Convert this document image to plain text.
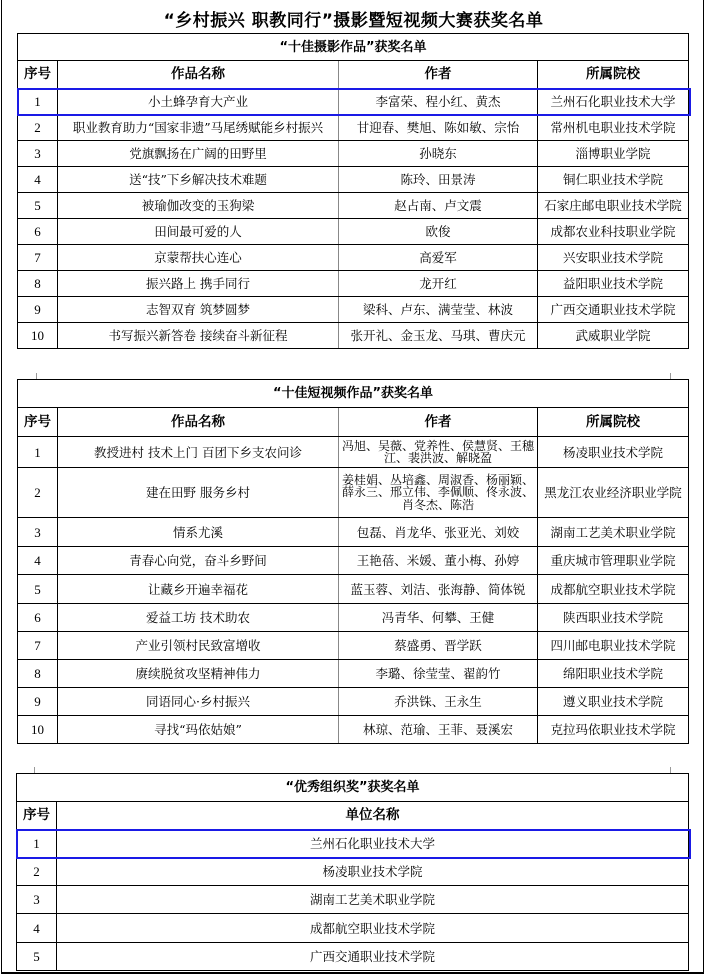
“乡村振兴 职教同行”摄影暨短视频大赛获奖名单
“十佳摄影作品”获奖名单			
序号	作品名称	作者	所属院校
1	小土蜂孕育大产业	李富荣、程小红、黄杰	兰州石化职业技术大学
2	职业教育助力“国家非遗”马尾绣赋能乡村振兴	甘迎春、樊旭、陈如敏、宗怡	常州机电职业技术学院
3	党旗飘扬在广阔的田野里	孙晓东	淄博职业学院
4	送“技”下乡解决技术难题	陈玲、田景涛	铜仁职业技术学院
5	被瑜伽改变的玉狗梁	赵占南、卢文震	石家庄邮电职业技术学院
6	田间最可爱的人	欧俊	成都农业科技职业学院
7	京蒙帮扶心连心	高爱军	兴安职业技术学院
8	振兴路上 携手同行	龙开红	益阳职业技术学院
9	志智双育 筑梦圆梦	梁科、卢东、满莹莹、林波	广西交通职业技术学院
10	书写振兴新答卷 接续奋斗新征程	张开礼、金玉龙、马琪、曹庆元	武威职业学院
“十佳短视频作品”获奖名单			
序号	作品名称	作者	所属院校
1	教授进村 技术上门 百团下乡支农问诊	冯旭、吴薇、党养性、侯慧贤、王穗江、裴洪波、解晓盈	杨凌职业技术学院
2	建在田野 服务乡村	姜桂娟、丛培鑫、周淑香、杨丽颖、薛永三、邢立伟、李佩顺、佟永波、肖冬杰、陈浩	黑龙江农业经济职业学院
3	情系尤溪	包磊、肖龙华、张亚光、刘姣	湖南工艺美术职业学院
4	青春心向党，奋斗乡野间	王艳蓓、米媛、董小梅、孙婷	重庆城市管理职业学院
5	让藏乡开遍幸福花	蓝玉蓉、刘洁、张海静、简体锐	成都航空职业技术学院
6	爱益工坊 技术助农	冯青华、何攀、王健	陕西职业技术学院
7	产业引领村民致富增收	蔡盛勇、晋学跃	四川邮电职业技术学院
8	赓续脱贫攻坚精神伟力	李璐、徐莹莹、翟韵竹	绵阳职业技术学院
9	同语同心·乡村振兴	乔洪铢、王永生	遵义职业技术学院
10	寻找“玛依姑娘”	林琼、范瑜、王菲、聂溪宏	克拉玛依职业技术学院
“优秀组织奖”获奖名单	
序号	单位名称
1	兰州石化职业技术大学
2	杨凌职业技术学院
3	湖南工艺美术职业学院
4	成都航空职业技术学院
5	广西交通职业技术学院
